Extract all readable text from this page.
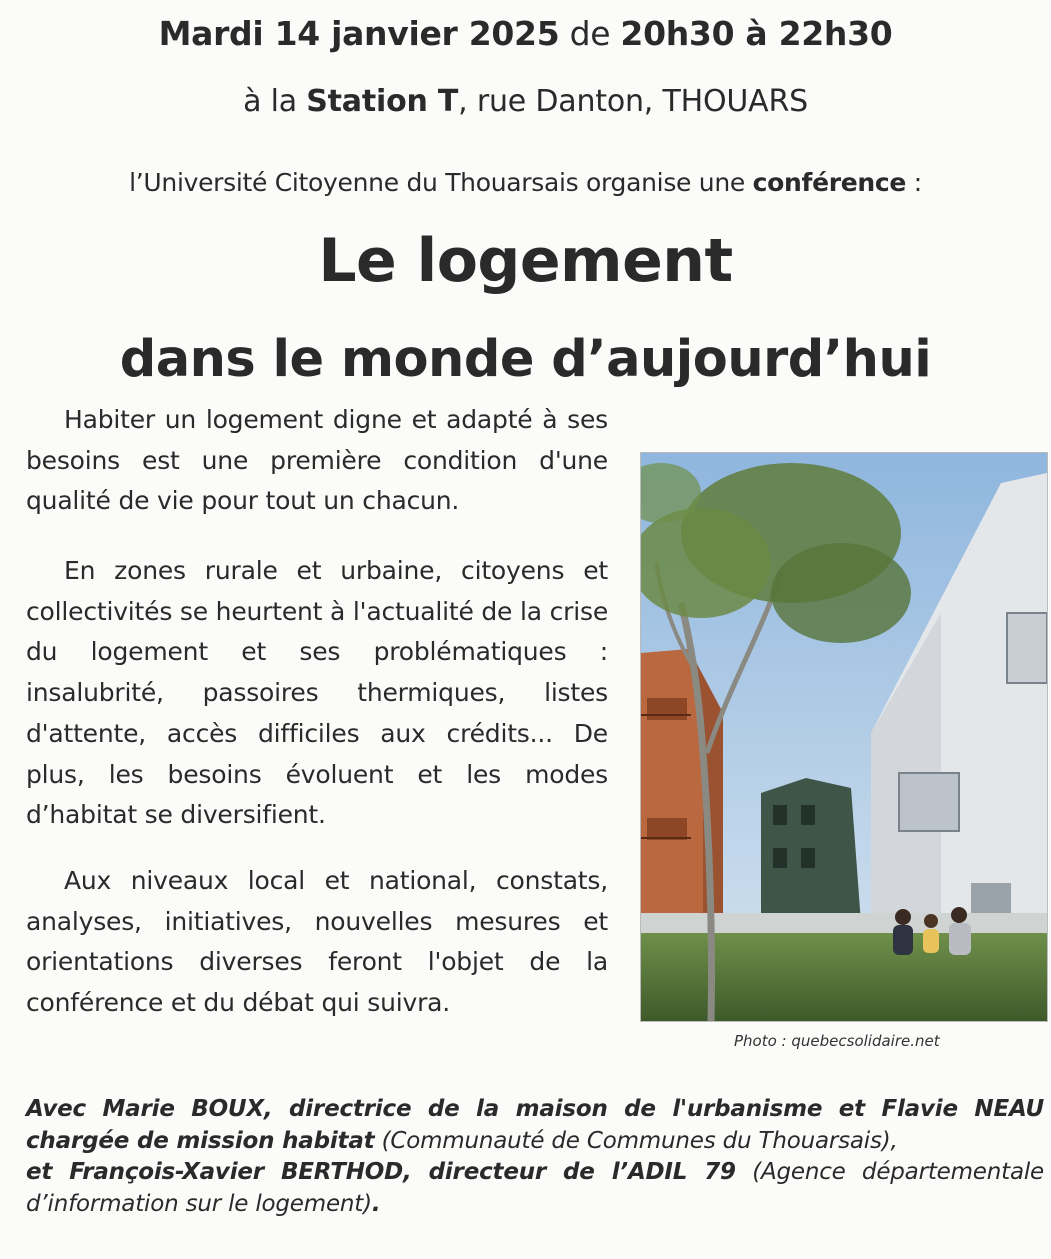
Mardi 14 janvier 2025 de 20h30 à 22h30
à la Station T, rue Danton, THOUARS
l’Université Citoyenne du Thouarsais organise une conférence :
Le logement
dans le monde d’aujourd’hui
Habiter un logement digne et adapté à ses besoins est une première condition d'une qualité de vie pour tout un chacun.
En zones rurale et urbaine, citoyens et collectivités se heurtent à l'actualité de la crise du logement et ses problématiques : insalubrité, passoires thermiques, listes d'attente, accès difficiles aux crédits... De plus, les besoins évoluent et les modes d’habitat se diversifient.
Aux niveaux local et national, constats, analyses, initiatives, nouvelles mesures et orientations diverses feront l'objet de la conférence et du débat qui suivra.
Photo : quebecsolidaire.net
Avec Marie BOUX, directrice de la maison de l'urbanisme et Flavie NEAU
chargée de mission habitat (Communauté de Communes du Thouarsais),
et François-Xavier BERTHOD, directeur de l’ADIL 79 (Agence départementale
d’information sur le logement).
